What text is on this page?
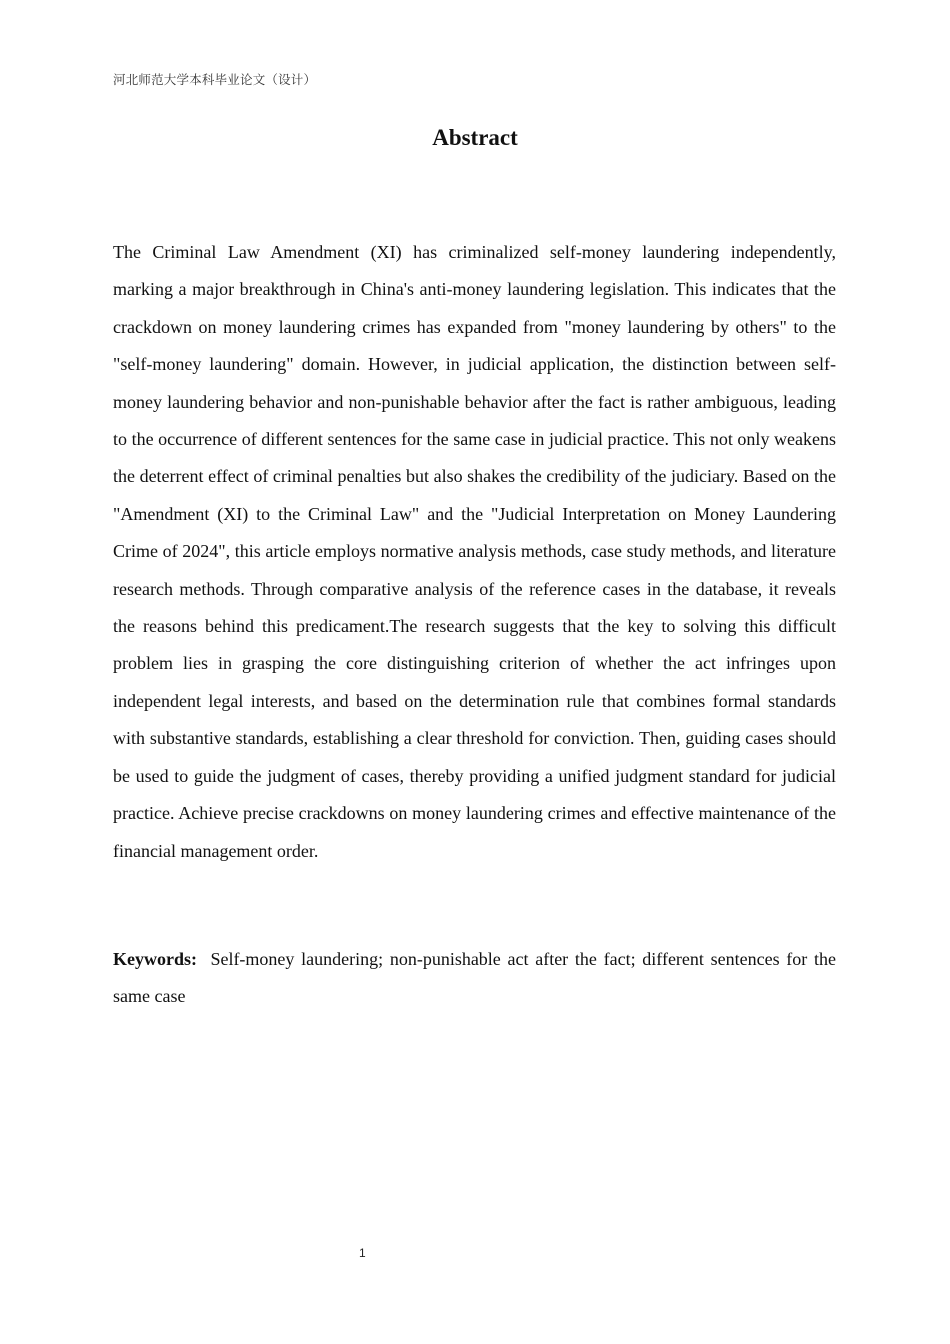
河北师范大学本科毕业论文（设计）
Abstract

The Criminal Law Amendment (XI) has criminalized self-money laundering independently, marking a major breakthrough in China's anti-money laundering legislation. This indicates that the crackdown on money laundering crimes has expanded from "money laundering by others" to the "self-money laundering" domain. However, in judicial application, the distinction between self-money laundering behavior and non-punishable behavior after the fact is rather ambiguous, leading to the occurrence of different sentences for the same case in judicial practice. This not only weakens the deterrent effect of criminal penalties but also shakes the credibility of the judiciary. Based on the "Amendment (XI) to the Criminal Law" and the "Judicial Interpretation on Money Laundering Crime of 2024", this article employs normative analysis methods, case study methods, and literature research methods. Through comparative analysis of the reference cases in the database, it reveals the reasons behind this predicament.The research suggests that the key to solving this difficult problem lies in grasping the core distinguishing criterion of whether the act infringes upon independent legal interests, and based on the determination rule that combines formal standards with substantive standards, establishing a clear threshold for conviction. Then, guiding cases should be used to guide the judgment of cases, thereby providing a unified judgment standard for judicial practice. Achieve precise crackdowns on money laundering crimes and effective maintenance of the financial management order.

Keywords: Self-money laundering; non-punishable act after the fact; different sentences for the same case

1
